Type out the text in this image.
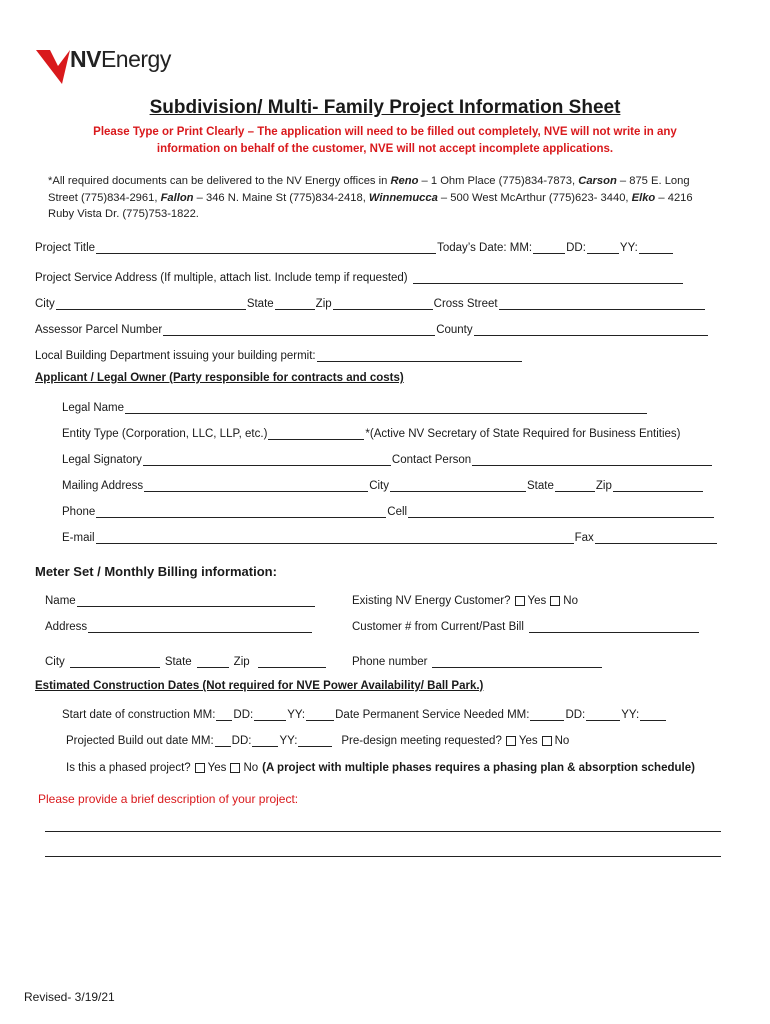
NVEnergy
Subdivision/ Multi- Family Project Information Sheet
Please Type or Print Clearly – The application will need to be filled out completely, NVE will not write in any information on behalf of the customer, NVE will not accept incomplete applications.
*All required documents can be delivered to the NV Energy offices in Reno – 1 Ohm Place (775)834-7873, Carson – 875 E. Long Street (775)834-2961, Fallon – 346 N. Maine St (775)834-2418, Winnemucca – 500 West McArthur (775)623- 3440, Elko – 4216 Ruby Vista Dr. (775)753-1822.
Project Title	Today’s Date: MM:	DD:	YY:
Project Service Address (If multiple, attach list. Include temp if requested)
City	State	Zip	Cross Street
Assessor Parcel Number	County
Local Building Department issuing your building permit:
Applicant / Legal Owner (Party responsible for contracts and costs)
Legal Name
Entity Type (Corporation, LLC, LLP, etc.)	*(Active NV Secretary of State Required for Business Entities)
Legal Signatory	Contact Person
Mailing Address	City	State	Zip
Phone	Cell
E-mail	Fax
Meter Set / Monthly Billing information:
Name	Existing NV Energy Customer? Yes No
Address	Customer # from Current/Past Bill
City	State	Zip	Phone number
Estimated Construction Dates (Not required for NVE Power Availability/ Ball Park.)
Start date of construction MM: DD:	YY:	Date Permanent Service Needed MM:	DD:	YY:
Projected Build out date MM: DD: YY:	Pre-design meeting requested? Yes No
Is this a phased project? Yes No (A project with multiple phases requires a phasing plan & absorption schedule)
Please provide a brief description of your project:
Revised- 3/19/21
